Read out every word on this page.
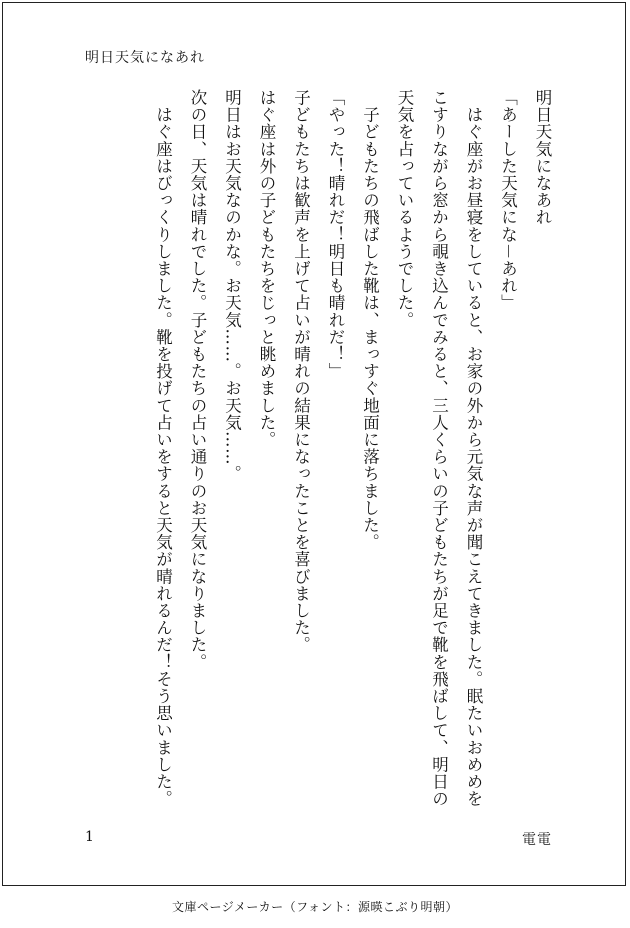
明日天気になあれ

明日天気になあれ

「あーした天気にな－あれ」

　はぐ座がお昼寝をしていると、お家の外から元気な声が聞こえてきました。眠たいおめめをこすりながら窓から覗き込んでみると、三人くらいの子どもたちが足で靴を飛ばして、明日の天気を占っているようでした。

　子どもたちの飛ばした靴は、まっすぐ地面に落ちました。

「やった！晴れだ！明日も晴れだ！」

子どもたちは歓声を上げて占いが晴れの結果になったことを喜びました。

はぐ座は外の子どもたちをじっと眺めました。

明日はお天気なのかな。お天気……。お天気……。

次の日、天気は晴れでした。子どもたちの占い通りのお天気になりました。

　はぐ座はびっくりしました。靴を投げて占いをすると天気が晴れるんだ！そう思いました。

1	電電
文庫ページメーカー（フォント：源暎こぶり明朝）
